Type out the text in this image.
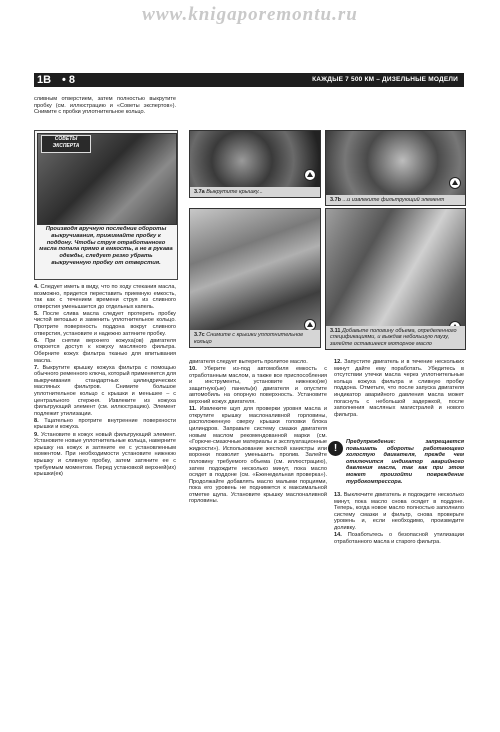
www.knigaporemontu.ru
1B • 8	КАЖДЫЕ 7 500 КМ – ДИЗЕЛЬНЫЕ МОДЕЛИ

сливным отверстием, затем полностью выкрутите пробку (см. иллюстрацию и «Советы экспертов»). Снимите с пробки уплотнительное кольцо.

СОВЕТЫ ЭКСПЕРТА
Производя вручную последние обороты выкручивания, прижимайте пробку к поддону. Чтобы струя отработанного масла попала прямо в емкость, а не в рукава одежды, следует резко убрать выкрученную пробку от отверстия.

4. Следует иметь в виду, что по ходу стекания масла, возможно, придется переставить приемную емкость, так как с течением времени струя из сливного отверстия уменьшается до отдельных капель.

5. После слива масла следует протереть пробку чистой ветошью и заменить уплотнительное кольцо. Протрите поверхность поддона вокруг сливного отверстия, установите и надежно затяните пробку.

6. При снятии верхнего кожуха(ов) двигателя откроется доступ к кожуху масляного фильтра. Оберните кожух фильтра тканью для впитывания масла.

7. Выкрутите крышку кожуха фильтра с помощью обычного ременного ключа, который применяется для выкручивания стандартных цилиндрических масляных фильтров. Снимите большое уплотнительное кольцо с крышки и меньшее – с центрального стержня. Извлеките из кожуха фильтрующий элемент (см. иллюстрацию). Элемент подлежит утилизации.

8. Тщательно протрите внутренние поверхности крышки и кожуха.

9. Установите в кожух новый фильтрующий элемент. Установите новые уплотнительные кольца, наверните крышку на кожух и затяните ее с установленным моментом. При необходимости установите нижнюю крышку и сливную пробку, затем затяните ее с требуемым моментом. Перед установкой верхней(их) крышки(ек)

3.7a Выкрутите крышку...
3.7b ...и извлеките фильтрующий элемент
3.7c Снимите с крышки уплотнительное кольцо
3.11 Добавьте половину объема, определенного спецификациями, и выждав небольшую паузу, залейте оставшееся моторное масло

двигателя следует вытереть пролитое масло.

10. Уберите из-под автомобиля емкость с отработанным маслом, а также все приспособления и инструменты, установите нижнюю(ие) защитную(ые) панель(и) двигателя и опустите автомобиль на опорную поверхность. Установите верхний кожух двигателя.

11. Извлеките щуп для проверки уровня масла и открутите крышку маслоналивной горловины, расположенную сверху крышки головки блока цилиндров. Заправьте систему смазки двигателя новым маслом рекомендованной марки (см. «Горюче-смазочные материалы и эксплуатационные жидкости»). Использование жесткой канистры или воронки позволит уменьшить пролив. Залейте половину требуемого объема (см. иллюстрацию), затем подождите несколько минут, пока масло осядет в поддоне (см. «Еженедельная проверка»). Продолжайте добавлять масло малыми порциями, пока его уровень не поднимется к максимальной отметке щупа. Установите крышку маслоналивной горловины.

12. Запустите двигатель и в течение нескольких минут дайте ему поработать. Убедитесь в отсутствии утечки масла через уплотнительные кольца кожуха фильтра и сливную пробку поддона. Отметьте, что после запуска двигателя индикатор аварийного давления масла может погаснуть с небольшой задержкой, после заполнения масляных магистралей и нового фильтра.

!
Предупреждение: запрещается повышать обороты работающего холостую двигателя, прежде чем отключится индикатор аварийного давления масла, так как при этом может произойти повреждение турбокомпрессора.

13. Выключите двигатель и подождите несколько минут, пока масло снова осядет в поддоне. Теперь, когда новое масло полностью заполнило систему смазки и фильтр, снова проверьте уровень и, если необходимо, произведите доливку.

14. Позаботьтесь о безопасной утилизации отработанного масла и старого фильтра.
